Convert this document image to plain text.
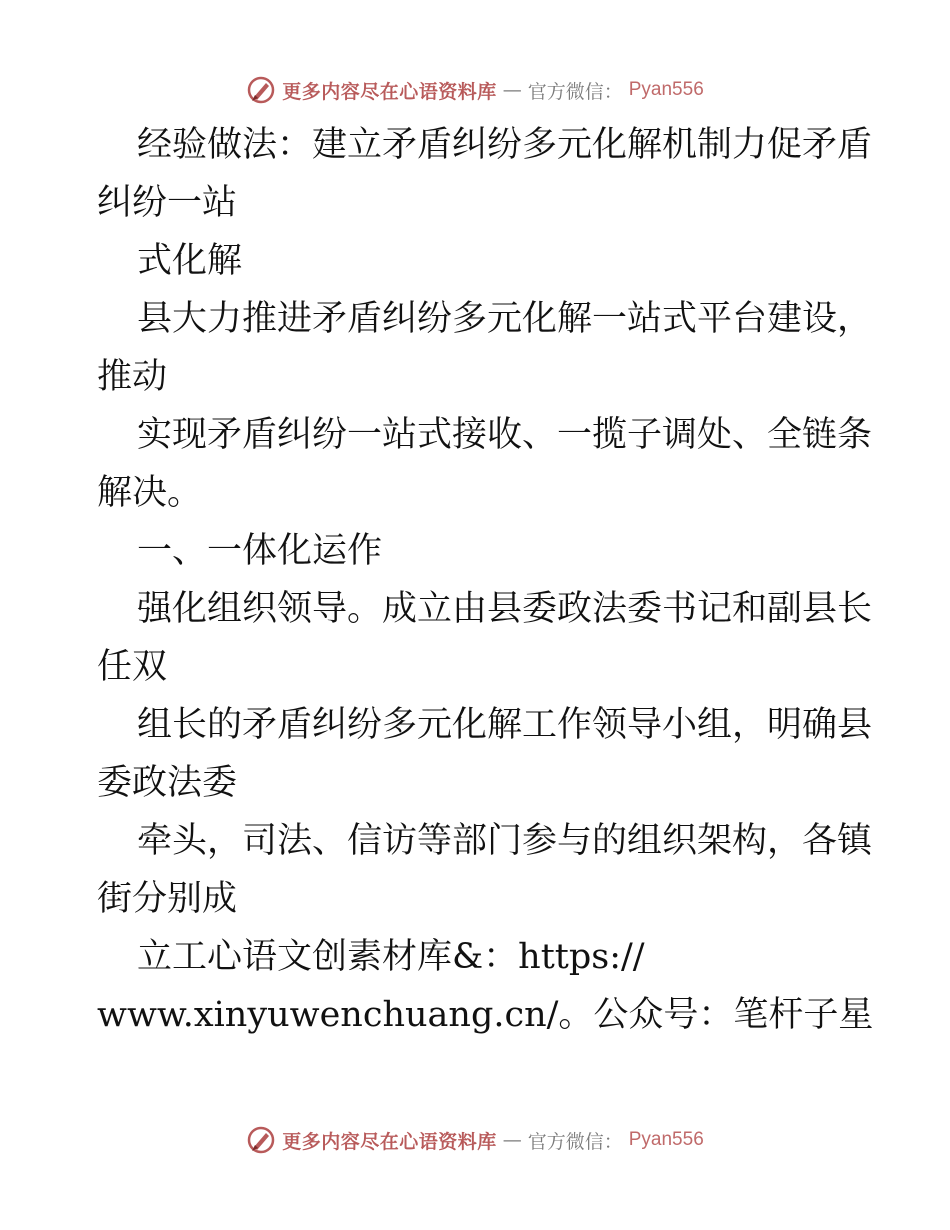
更多内容尽在心语资料库 — 官方微信： Pyan556
经验做法：建立矛盾纠纷多元化解机制力促矛盾
纠纷一站
式化解
县大力推进矛盾纠纷多元化解一站式平台建设，
推动
实现矛盾纠纷一站式接收、一揽子调处、全链条
解决。
一、一体化运作
强化组织领导。成立由县委政法委书记和副县长
任双
组长的矛盾纠纷多元化解工作领导小组，明确县
委政法委
牵头，司法、信访等部门参与的组织架构，各镇
街分别成
立工心语文创素材库&：https://
www.xinyuwenchuang.cn/。公众号：笔杆子星
更多内容尽在心语资料库 — 官方微信： Pyan556
